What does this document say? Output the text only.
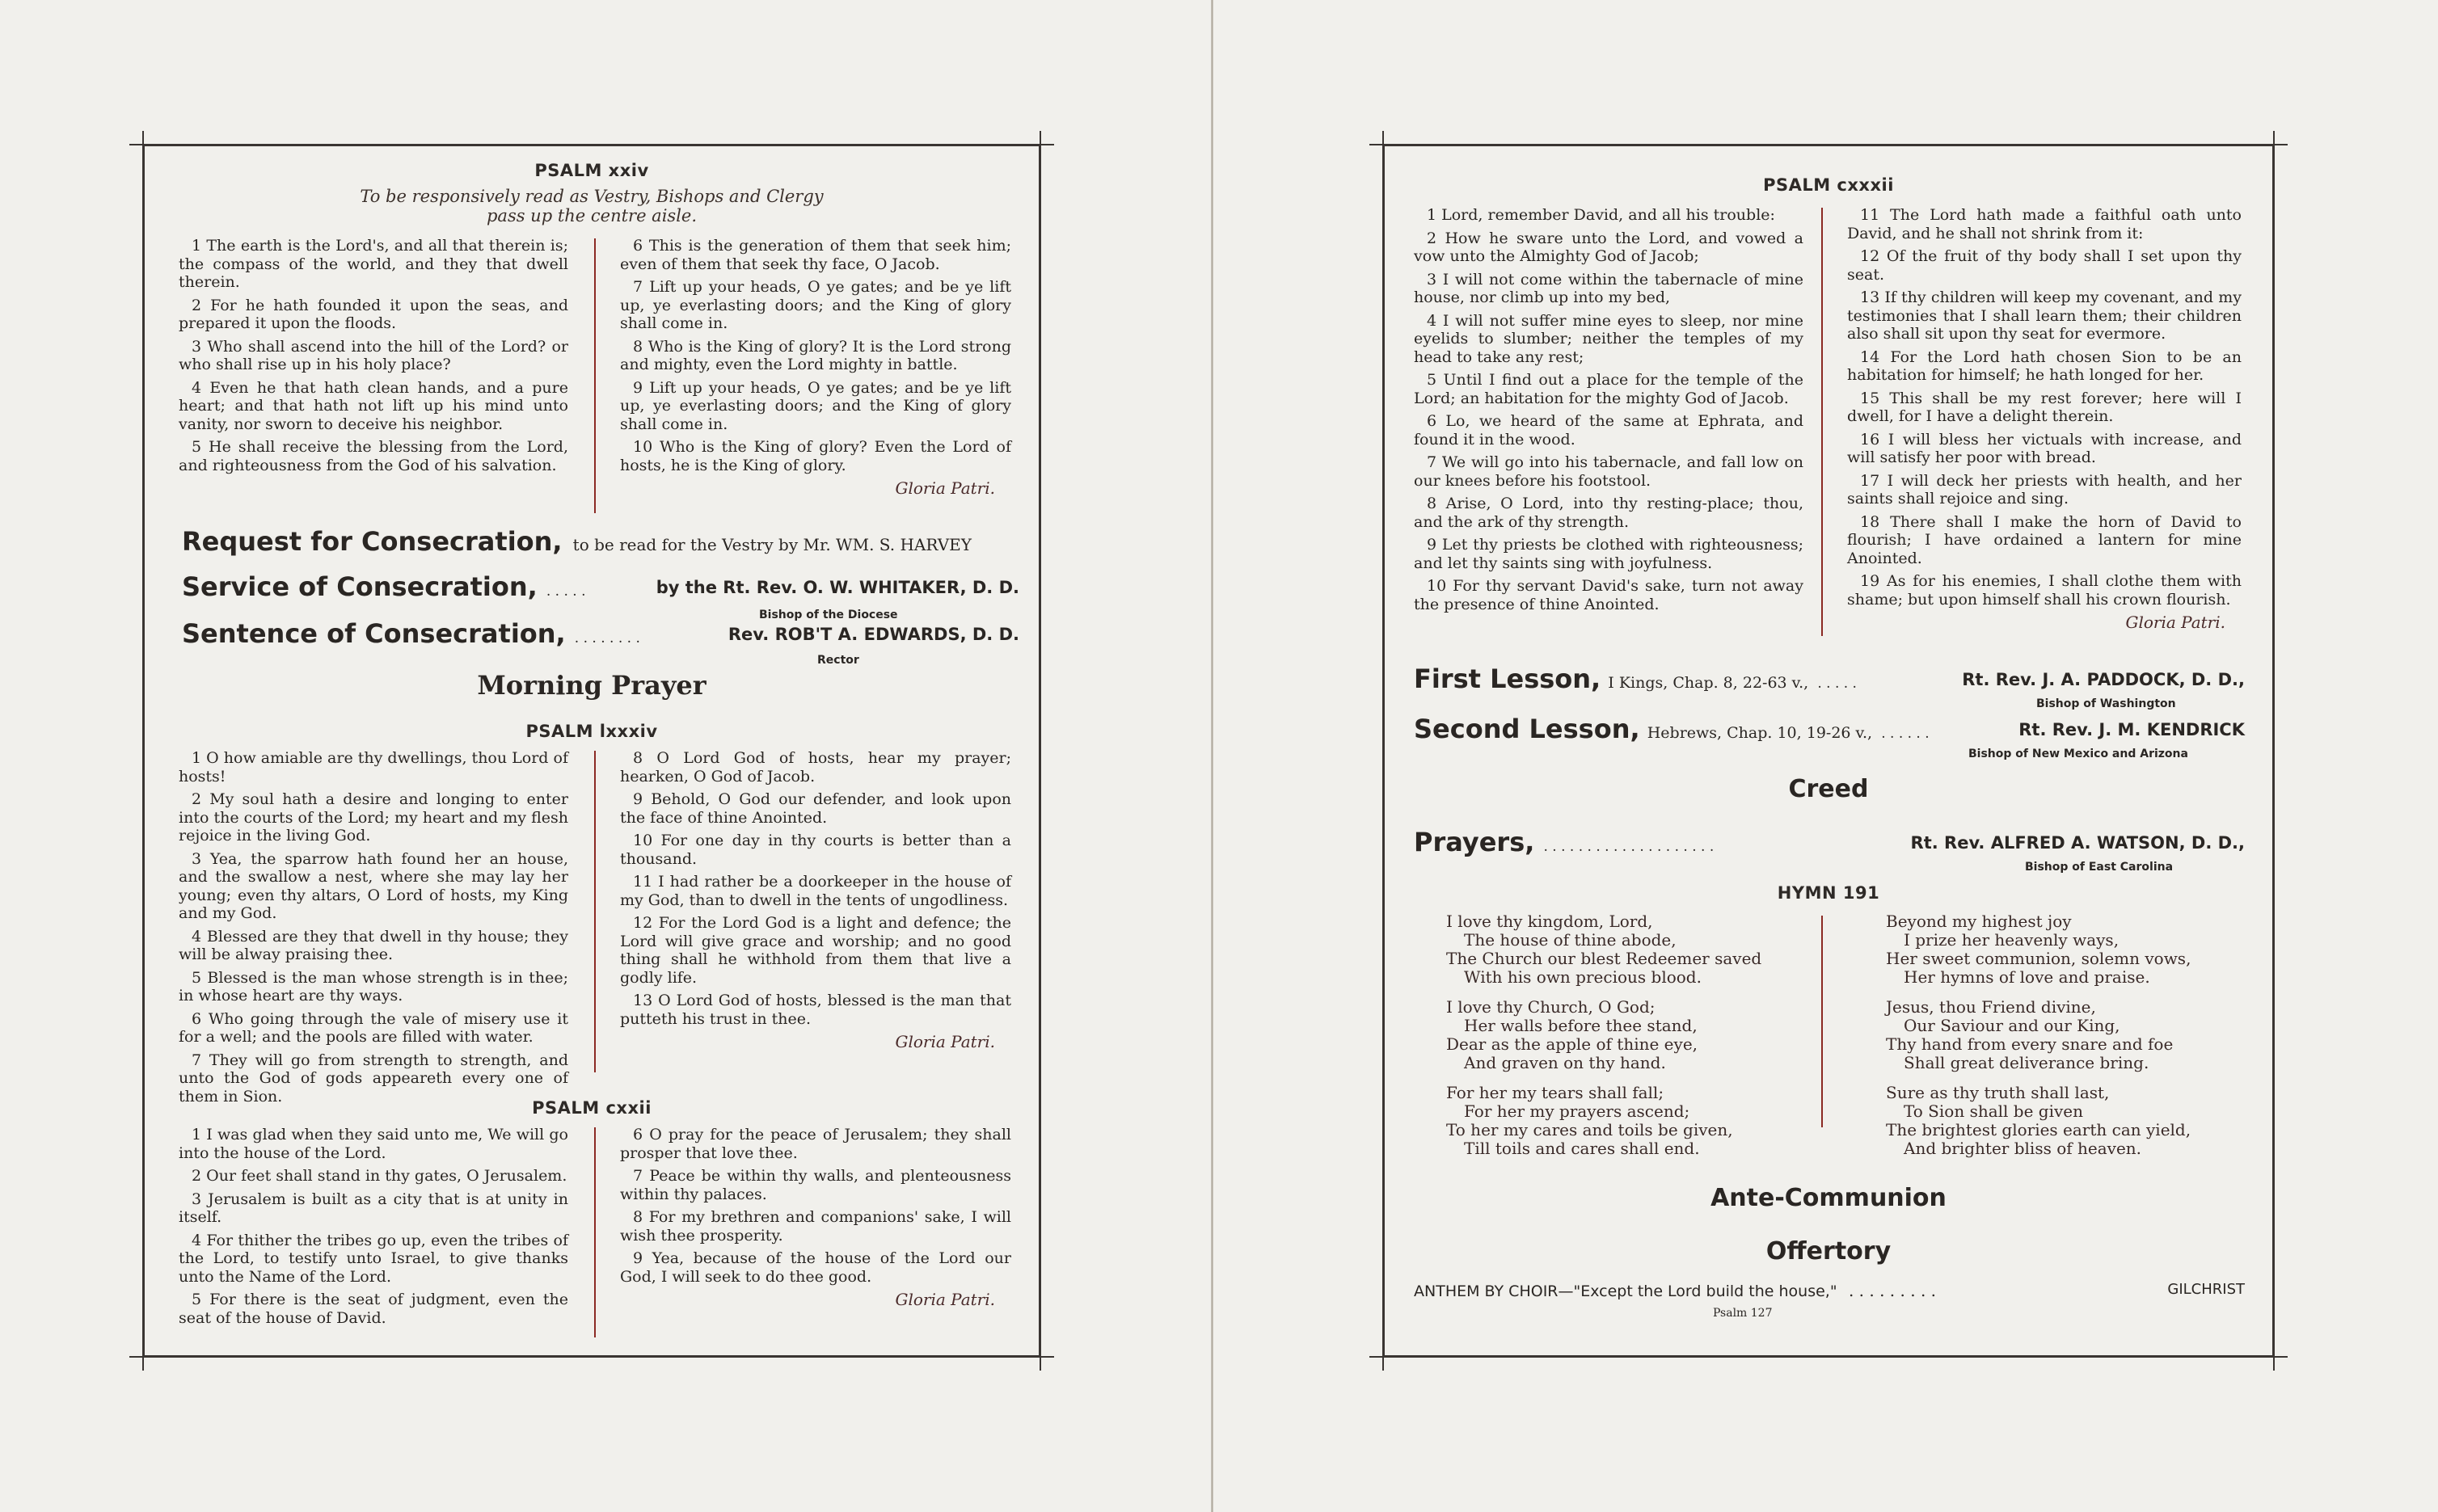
PSALM xxiv
To be responsively read as Vestry, Bishops and Clergy
pass up the centre aisle.

1 The earth is the Lord's, and all that therein is; the compass of the world, and they that dwell therein.

2 For he hath founded it upon the seas, and prepared it upon the floods.

3 Who shall ascend into the hill of the Lord? or who shall rise up in his holy place?

4 Even he that hath clean hands, and a pure heart; and that hath not lift up his mind unto vanity, nor sworn to deceive his neighbor.

5 He shall receive the blessing from the Lord, and righteousness from the God of his salvation.

6 This is the generation of them that seek him; even of them that seek thy face, O Jacob.

7 Lift up your heads, O ye gates; and be ye lift up, ye everlasting doors; and the King of glory shall come in.

8 Who is the King of glory? It is the Lord strong and mighty, even the Lord mighty in battle.

9 Lift up your heads, O ye gates; and be ye lift up, ye everlasting doors; and the King of glory shall come in.

10 Who is the King of glory? Even the Lord of hosts, he is the King of glory.

Gloria Patri.
Request for Consecration, to be read for the Vestry by Mr. WM. S. HARVEY
Service of Consecration, . . . . .	by the Rt. Rev. O. W. WHITAKER, D. D.
Bishop of the Diocese
Sentence of Consecration, . . . . . . . .	Rev. ROB'T A. EDWARDS, D. D.
Rector
Morning Prayer
PSALM lxxxiv

1 O how amiable are thy dwellings, thou Lord of hosts!

2 My soul hath a desire and longing to enter into the courts of the Lord; my heart and my flesh rejoice in the living God.

3 Yea, the sparrow hath found her an house, and the swallow a nest, where she may lay her young; even thy altars, O Lord of hosts, my King and my God.

4 Blessed are they that dwell in thy house; they will be alway praising thee.

5 Blessed is the man whose strength is in thee; in whose heart are thy ways.

6 Who going through the vale of misery use it for a well; and the pools are filled with water.

7 They will go from strength to strength, and unto the God of gods appeareth every one of them in Sion.

8 O Lord God of hosts, hear my prayer; hearken, O God of Jacob.

9 Behold, O God our defender, and look upon the face of thine Anointed.

10 For one day in thy courts is better than a thousand.

11 I had rather be a doorkeeper in the house of my God, than to dwell in the tents of ungodliness.

12 For the Lord God is a light and defence; the Lord will give grace and worship; and no good thing shall he withhold from them that live a godly life.

13 O Lord God of hosts, blessed is the man that putteth his trust in thee.

Gloria Patri.
PSALM cxxii

1 I was glad when they said unto me, We will go into the house of the Lord.

2 Our feet shall stand in thy gates, O Jerusalem.

3 Jerusalem is built as a city that is at unity in itself.

4 For thither the tribes go up, even the tribes of the Lord, to testify unto Israel, to give thanks unto the Name of the Lord.

5 For there is the seat of judgment, even the seat of the house of David.

6 O pray for the peace of Jerusalem; they shall prosper that love thee.

7 Peace be within thy walls, and plenteousness within thy palaces.

8 For my brethren and companions' sake, I will wish thee prosperity.

9 Yea, because of the house of the Lord our God, I will seek to do thee good.

Gloria Patri.
PSALM cxxxii

1 Lord, remember David, and all his trouble:

2 How he sware unto the Lord, and vowed a vow unto the Almighty God of Jacob;

3 I will not come within the tabernacle of mine house, nor climb up into my bed,

4 I will not suffer mine eyes to sleep, nor mine eyelids to slumber; neither the temples of my head to take any rest;

5 Until I find out a place for the temple of the Lord; an habitation for the mighty God of Jacob.

6 Lo, we heard of the same at Ephrata, and found it in the wood.

7 We will go into his tabernacle, and fall low on our knees before his footstool.

8 Arise, O Lord, into thy resting-place; thou, and the ark of thy strength.

9 Let thy priests be clothed with righteousness; and let thy saints sing with joyfulness.

10 For thy servant David's sake, turn not away the presence of thine Anointed.

11 The Lord hath made a faithful oath unto David, and he shall not shrink from it:

12 Of the fruit of thy body shall I set upon thy seat.

13 If thy children will keep my covenant, and my testimonies that I shall learn them; their children also shall sit upon thy seat for evermore.

14 For the Lord hath chosen Sion to be an habitation for himself; he hath longed for her.

15 This shall be my rest forever; here will I dwell, for I have a delight therein.

16 I will bless her victuals with increase, and will satisfy her poor with bread.

17 I will deck her priests with health, and her saints shall rejoice and sing.

18 There shall I make the horn of David to flourish; I have ordained a lantern for mine Anointed.

19 As for his enemies, I shall clothe them with shame; but upon himself shall his crown flourish.

Gloria Patri.
First Lesson, I Kings, Chap. 8, 22-63 v., . . . . .	Rt. Rev. J. A. PADDOCK, D. D.,
Bishop of Washington
Second Lesson, Hebrews, Chap. 10, 19-26 v., . . . . . .	Rt. Rev. J. M. KENDRICK
Bishop of New Mexico and Arizona
Creed
Prayers, . . . . . . . . . . . . . . . . . . . .	Rt. Rev. ALFRED A. WATSON, D. D.,
Bishop of East Carolina
HYMN 191
I love thy kingdom, Lord,
The house of thine abode,
The Church our blest Redeemer saved
With his own precious blood.
I love thy Church, O God;
Her walls before thee stand,
Dear as the apple of thine eye,
And graven on thy hand.
For her my tears shall fall;
For her my prayers ascend;
To her my cares and toils be given,
Till toils and cares shall end.
Beyond my highest joy
I prize her heavenly ways,
Her sweet communion, solemn vows,
Her hymns of love and praise.
Jesus, thou Friend divine,
Our Saviour and our King,
Thy hand from every snare and foe
Shall great deliverance bring.
Sure as thy truth shall last,
To Sion shall be given
The brightest glories earth can yield,
And brighter bliss of heaven.
Ante-Communion
Offertory
ANTHEM BY CHOIR—"Except the Lord build the house," . . . . . . . . .	GILCHRIST
Psalm 127
